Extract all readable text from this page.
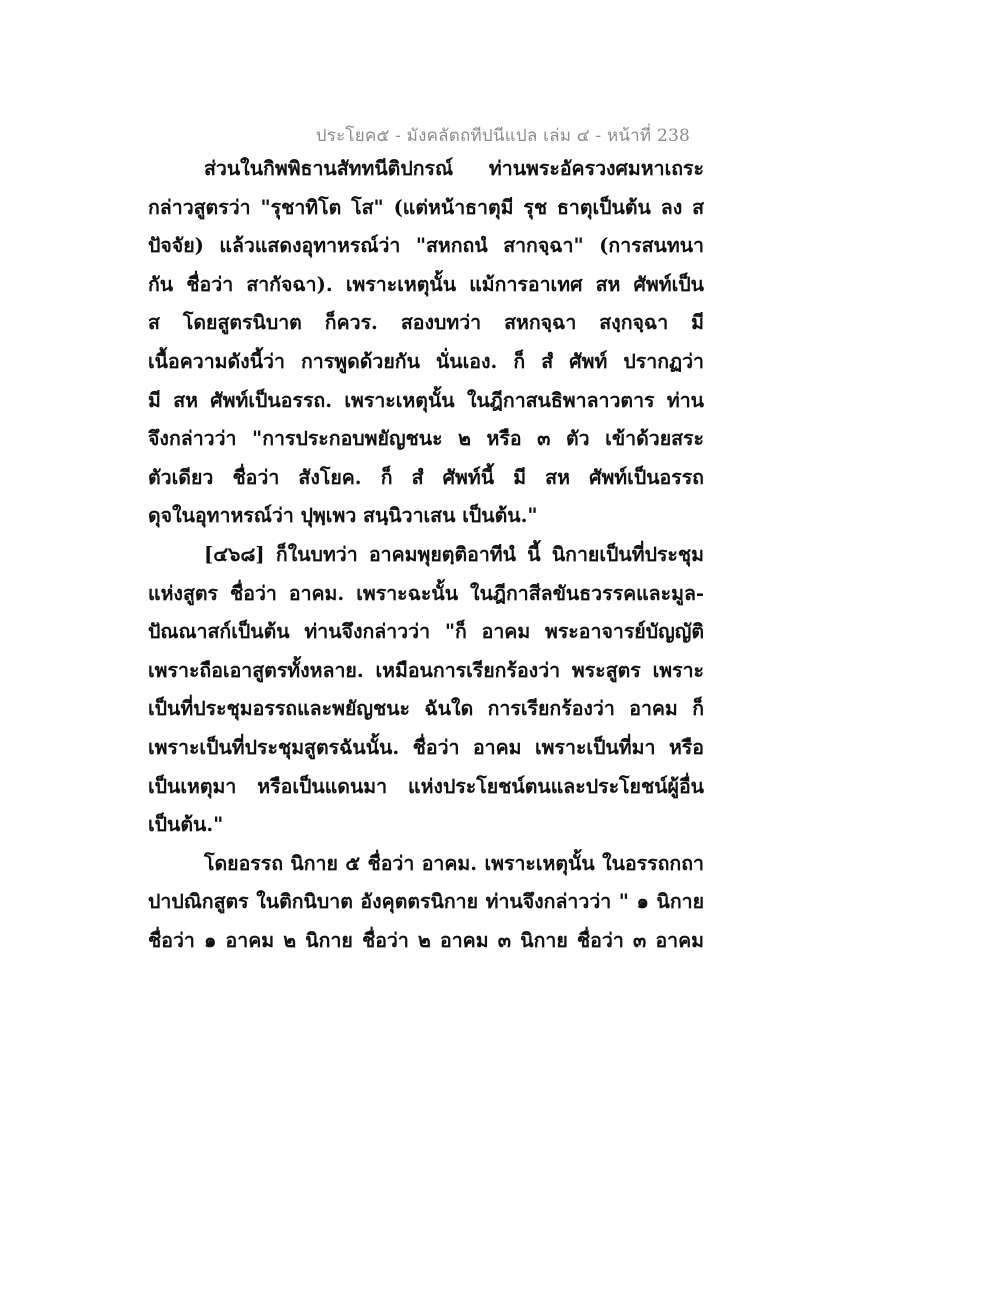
ประโยค๕ - มังคลัตถทีปนีแปล เล่ม ๔ - หน้าที่ 238
ส่วนในกิพพิธานสัททนีติปกรณ์ ท่านพระอัครวงศมหาเถระ
กล่าวสูตรว่า "รุชาทิโต โส" (แต่หน้าธาตุมี รุช ธาตุเป็นต้น ลง ส
ปัจจัย) แล้วแสดงอุทาหรณ์ว่า "สหกถนํ สากจฺฉา" (การสนทนา
กัน ชื่อว่า สากัจฉา). เพราะเหตุนั้น แม้การอาเทศ สห ศัพท์เป็น
ส โดยสูตรนิบาต ก็ควร. สองบทว่า สหกจฺฉา สงฺกจฺฉา มี
เนื้อความดังนี้ว่า การพูดด้วยกัน นั่นเอง. ก็ สํ ศัพท์ ปรากฏว่า
มี สห ศัพท์เป็นอรรถ. เพราะเหตุนั้น ในฎีกาสนธิพาลาวตาร ท่าน
จึงกล่าวว่า "การประกอบพยัญชนะ ๒ หรือ ๓ ตัว เข้าด้วยสระ
ตัวเดียว ชื่อว่า สังโยค. ก็ สํ ศัพท์นี้ มี สห ศัพท์เป็นอรรถ
ดุจในอุทาหรณ์ว่า ปุพฺเพว สนฺนิวาเสน เป็นต้น."
[๔๖๘] ก็ในบทว่า อาคมพุยตฺติอาทีนํ นี้ นิกายเป็นที่ประชุม
แห่งสูตร ชื่อว่า อาคม. เพราะฉะนั้น ในฎีกาสีลขันธวรรคและมูล-
ปัณณาสก์เป็นต้น ท่านจึงกล่าวว่า "ก็ อาคม พระอาจารย์บัญญัติ
เพราะถือเอาสูตรทั้งหลาย. เหมือนการเรียกร้องว่า พระสูตร เพราะ
เป็นที่ประชุมอรรถและพยัญชนะ ฉันใด การเรียกร้องว่า อาคม ก็
เพราะเป็นที่ประชุมสูตรฉันนั้น. ชื่อว่า อาคม เพราะเป็นที่มา หรือ
เป็นเหตุมา หรือเป็นแดนมา แห่งประโยชน์ตนและประโยชน์ผู้อื่น
เป็นต้น."
โดยอรรถ นิกาย ๕ ชื่อว่า อาคม. เพราะเหตุนั้น ในอรรถกถา
ปาปณิกสูตร ในติกนิบาต อังคุตตรนิกาย ท่านจึงกล่าวว่า " ๑ นิกาย
ชื่อว่า ๑ อาคม ๒ นิกาย ชื่อว่า ๒ อาคม ๓ นิกาย ชื่อว่า ๓ อาคม
